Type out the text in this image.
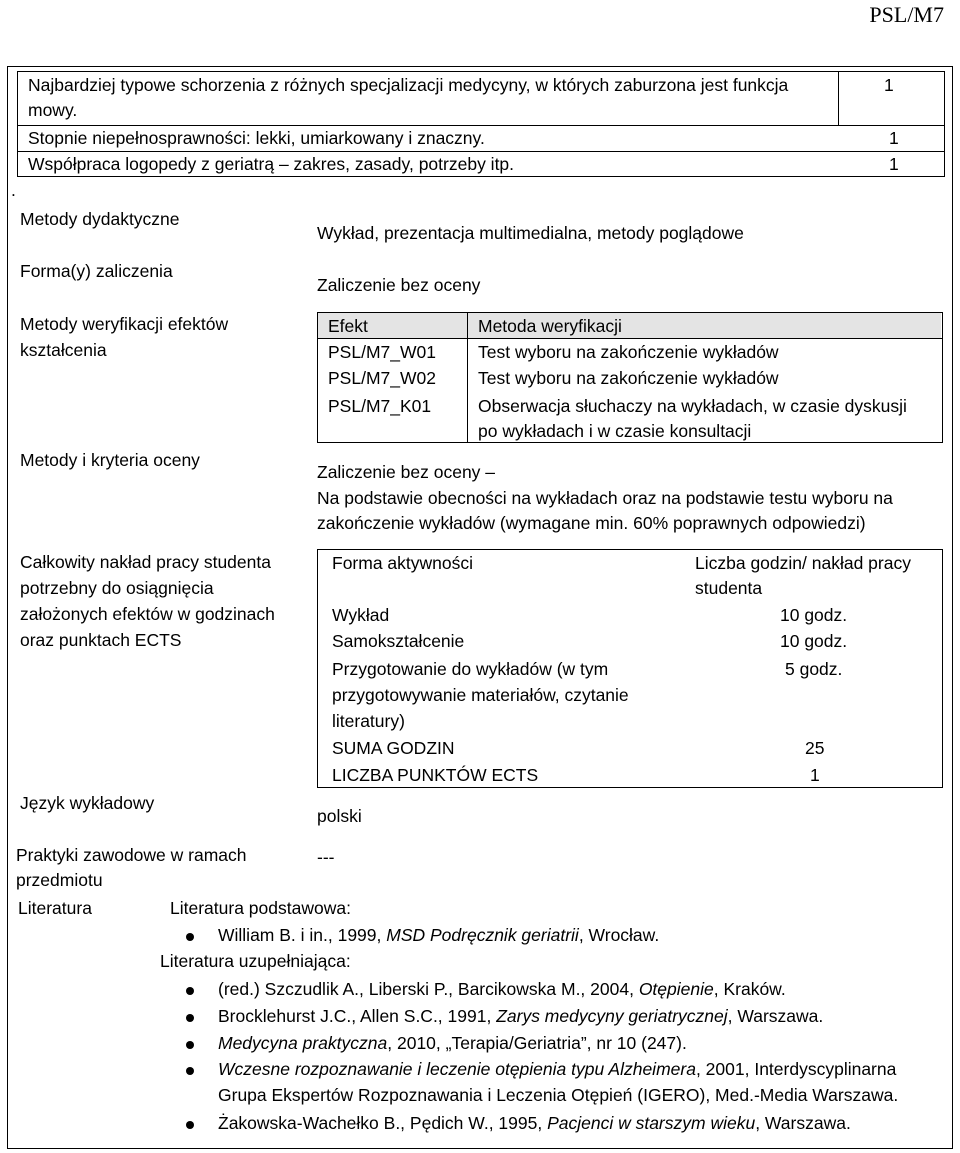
PSL/M7
Najbardziej typowe schorzenia z różnych specjalizacji medycyny, w których zaburzona jest funkcja
mowy.
1
Stopnie niepełnosprawności: lekki, umiarkowany i znaczny.	1
Współpraca logopedy z geriatrą – zakres, zasady, potrzeby itp.	1
.
Metody dydaktyczne
Wykład, prezentacja multimedialna, metody poglądowe
Forma(y) zaliczenia
Zaliczenie bez oceny
Metody weryfikacji efektów
kształcenia
Efekt	Metoda weryfikacji
PSL/M7_W01 Test wyboru na zakończenie wykładów
PSL/M7_W02 Test wyboru na zakończenie wykładów
PSL/M7_K01	Obserwacja słuchaczy na wykładach, w czasie dyskusji
po wykładach i w czasie konsultacji
Metody i kryteria oceny
Zaliczenie bez oceny –
Na podstawie obecności na wykładach oraz na podstawie testu wyboru na
zakończenie wykładów (wymagane min. 60% poprawnych odpowiedzi)
Całkowity nakład pracy studenta
potrzebny do osiągnięcia
założonych efektów w godzinach
oraz punktach ECTS
Forma aktywności	Liczba godzin/ nakład pracy
studenta
Wykład	10 godz.
Samokształcenie	10 godz.
Przygotowanie do wykładów (w tym
przygotowywanie materiałów, czytanie
literatury)
5 godz.
SUMA GODZIN	25
LICZBA PUNKTÓW ECTS	1
Język wykładowy
polski
Praktyki zawodowe w ramach
przedmiotu
---
Literatura	Literatura podstawowa:
William B. i in., 1999, MSD Podręcznik geriatrii, Wrocław.
Literatura uzupełniająca:
(red.) Szczudlik A., Liberski P., Barcikowska M., 2004, Otępienie, Kraków.
Brocklehurst J.C., Allen S.C., 1991, Zarys medycyny geriatrycznej, Warszawa.
Medycyna praktyczna, 2010, „Terapia/Geriatria”, nr 10 (247).
Wczesne rozpoznawanie i leczenie otępienia typu Alzheimera, 2001, Interdyscyplinarna
Grupa Ekspertów Rozpoznawania i Leczenia Otępień (IGERO), Med.-Media Warszawa.
Żakowska-Wachełko B., Pędich W., 1995, Pacjenci w starszym wieku, Warszawa.
